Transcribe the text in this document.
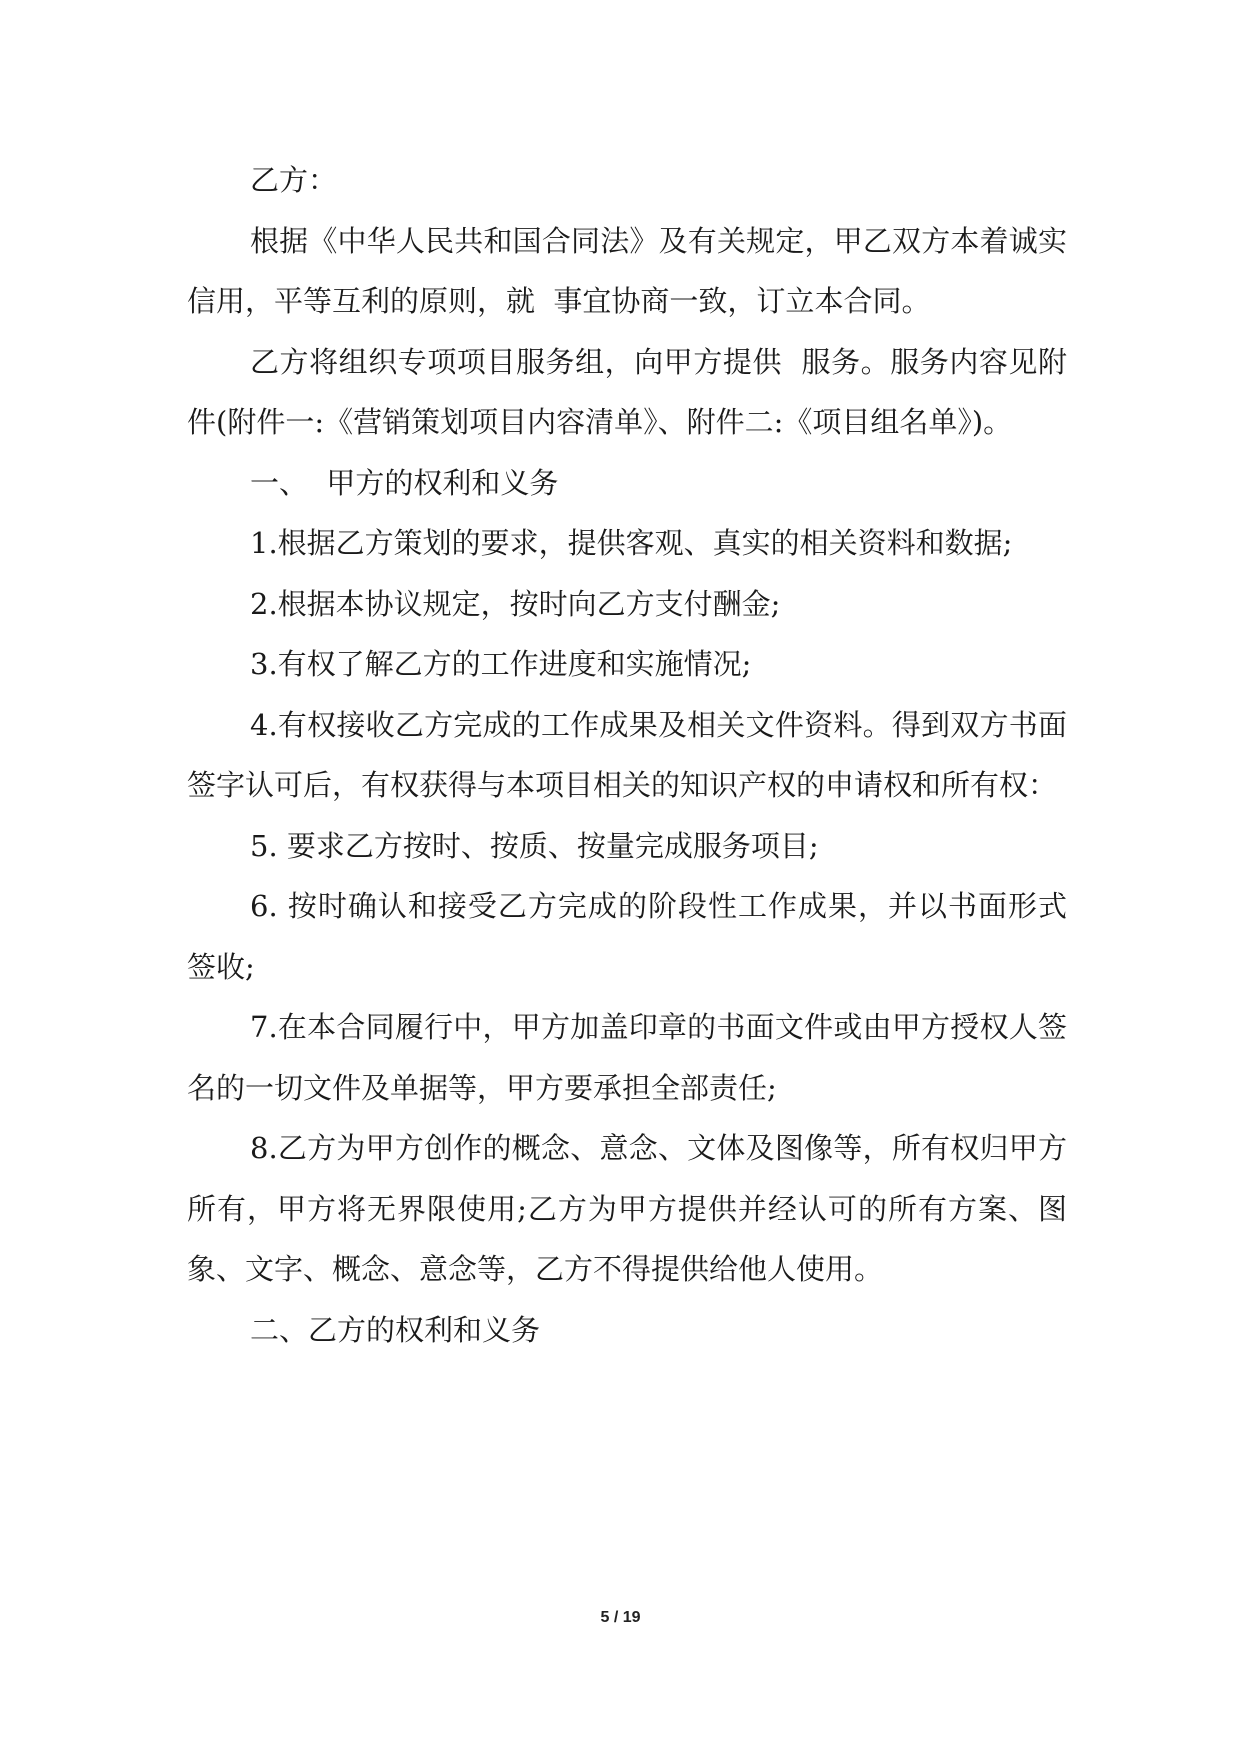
乙方：

根据《中华人民共和国合同法》及有关规定，甲乙双方本着诚实信用，平等互利的原则，就  事宜协商一致，订立本合同。

乙方将组织专项项目服务组，向甲方提供  服务。服务内容见附件(附件一:《营销策划项目内容清单》、附件二:《项目组名单》)。

一、  甲方的权利和义务

1.根据乙方策划的要求，提供客观、真实的相关资料和数据;

2.根据本协议规定，按时向乙方支付酬金;

3.有权了解乙方的工作进度和实施情况;

4.有权接收乙方完成的工作成果及相关文件资料。得到双方书面签字认可后，有权获得与本项目相关的知识产权的申请权和所有权：

5. 要求乙方按时、按质、按量完成服务项目;

6. 按时确认和接受乙方完成的阶段性工作成果，并以书面形式签收;

7.在本合同履行中，甲方加盖印章的书面文件或由甲方授权人签名的一切文件及单据等，甲方要承担全部责任;

8.乙方为甲方创作的概念、意念、文体及图像等，所有权归甲方所有，甲方将无界限使用;乙方为甲方提供并经认可的所有方案、图象、文字、概念、意念等，乙方不得提供给他人使用。

二、乙方的权利和义务

5 / 19
